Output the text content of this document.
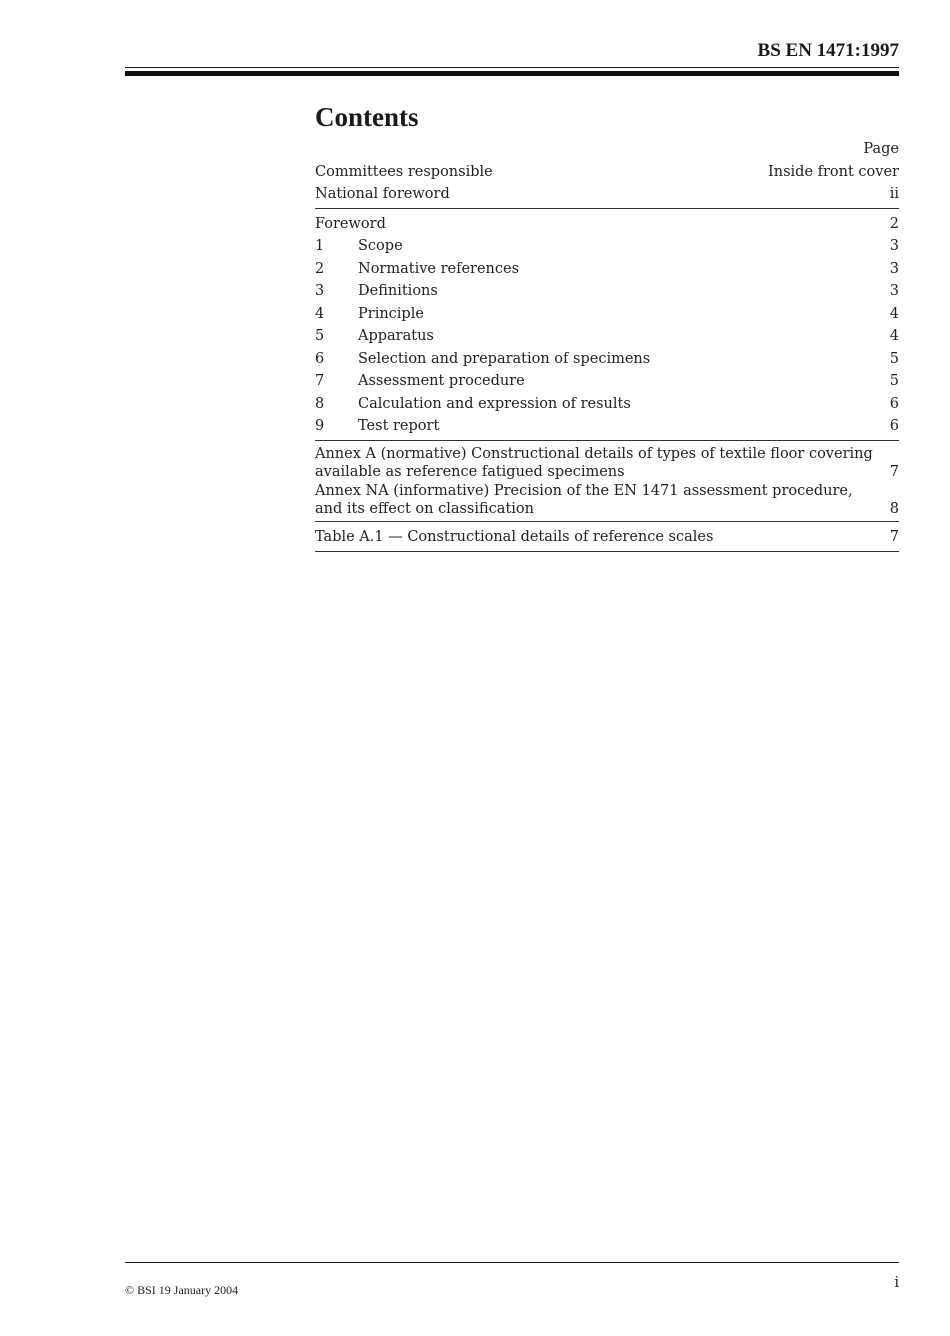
BS EN 1471:1997
Contents
Page
Committees responsible	Inside front cover
National foreword	ii
Foreword	2
1	Scope	3
2	Normative references	3
3	Definitions	3
4	Principle	4
5	Apparatus	4
6	Selection and preparation of specimens	5
7	Assessment procedure	5
8	Calculation and expression of results	6
9	Test report	6
Annex A (normative) Constructional details of types of textile floor covering
available as reference fatigued specimens	7
Annex NA (informative) Precision of the EN 1471 assessment procedure,
and its effect on classification	8
Table A.1 — Constructional details of reference scales	7
© BSI 19 January 2004	i
